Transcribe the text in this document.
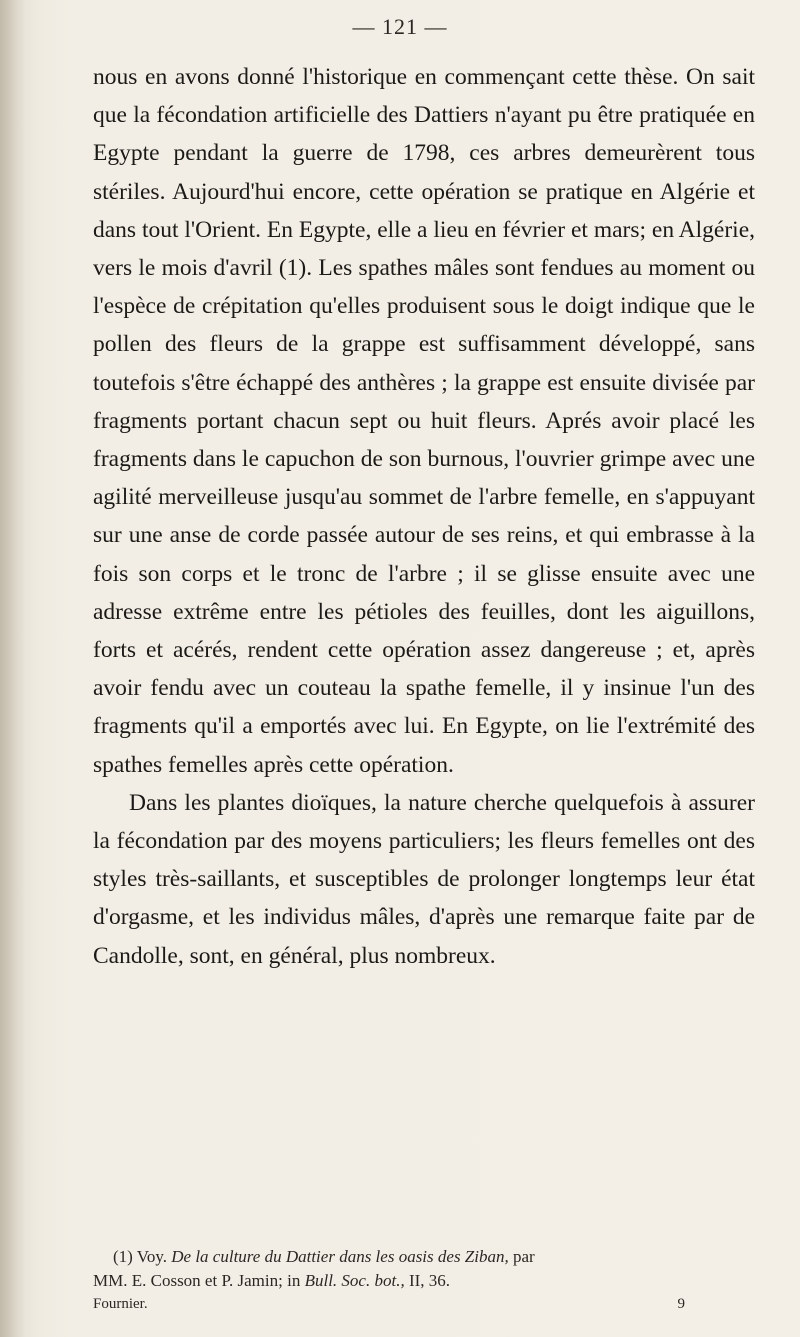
— 121 —

nous en avons donné l'historique en commençant cette thèse. On sait que la fécondation artificielle des Dattiers n'ayant pu être pratiquée en Egypte pendant la guerre de 1798, ces arbres demeurèrent tous stériles. Aujourd'hui encore, cette opération se pratique en Algérie et dans tout l'Orient. En Egypte, elle a lieu en février et mars; en Algérie, vers le mois d'avril (1). Les spathes mâles sont fendues au moment ou l'espèce de crépitation qu'elles produisent sous le doigt indique que le pollen des fleurs de la grappe est suffisamment développé, sans toutefois s'être échappé des anthères ; la grappe est ensuite divisée par fragments portant chacun sept ou huit fleurs. Aprés avoir placé les fragments dans le capuchon de son burnous, l'ouvrier grimpe avec une agilité merveilleuse jusqu'au sommet de l'arbre femelle, en s'appuyant sur une anse de corde passée autour de ses reins, et qui embrasse à la fois son corps et le tronc de l'arbre ; il se glisse ensuite avec une adresse extrême entre les pétioles des feuilles, dont les aiguillons, forts et acérés, rendent cette opération assez dangereuse ; et, après avoir fendu avec un couteau la spathe femelle, il y insinue l'un des fragments qu'il a emportés avec lui. En Egypte, on lie l'extrémité des spathes femelles après cette opération.

Dans les plantes dioïques, la nature cherche quelquefois à assurer la fécondation par des moyens particuliers; les fleurs femelles ont des styles très-saillants, et susceptibles de prolonger longtemps leur état d'orgasme, et les individus mâles, d'après une remarque faite par de Candolle, sont, en général, plus nombreux.

(1) Voy. De la culture du Dattier dans les oasis des Ziban, par
MM. E. Cosson et P. Jamin; in Bull. Soc. bot., II, 36.
Fournier.	9
